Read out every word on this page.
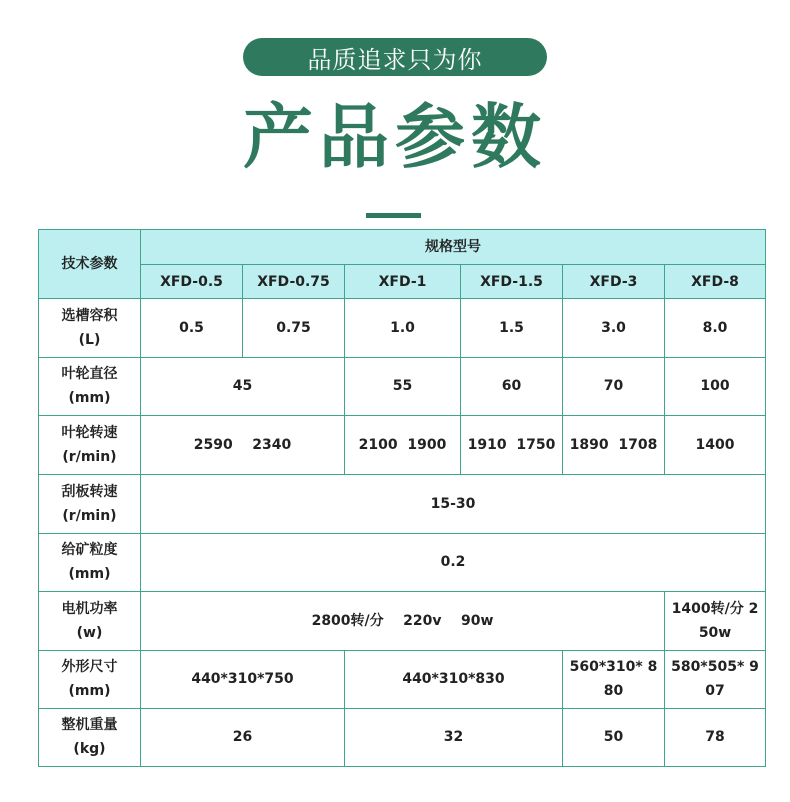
品质追求只为你
产品参数
技术参数	规格型号					
	XFD-0.5	XFD-0.75	XFD-1	XFD-1.5	XFD-3	XFD-8
选槽容积
(L)	0.5	0.75	1.0	1.5	3.0	8.0
叶轮直径
(mm)	45		55	60	70	100
叶轮转速
(r/min)	2590    2340		2100  1900	1910  1750	1890  1708	1400
刮板转速
(r/min)	15-30					
给矿粒度
(mm)	0.2					
电机功率
(w)	2800转/分    220v    90w					1400转/分 250w
外形尺寸
(mm)	440*310*750		440*310*830		560*310* 880	580*505* 907
整机重量
(kg)	26		32		50	78
